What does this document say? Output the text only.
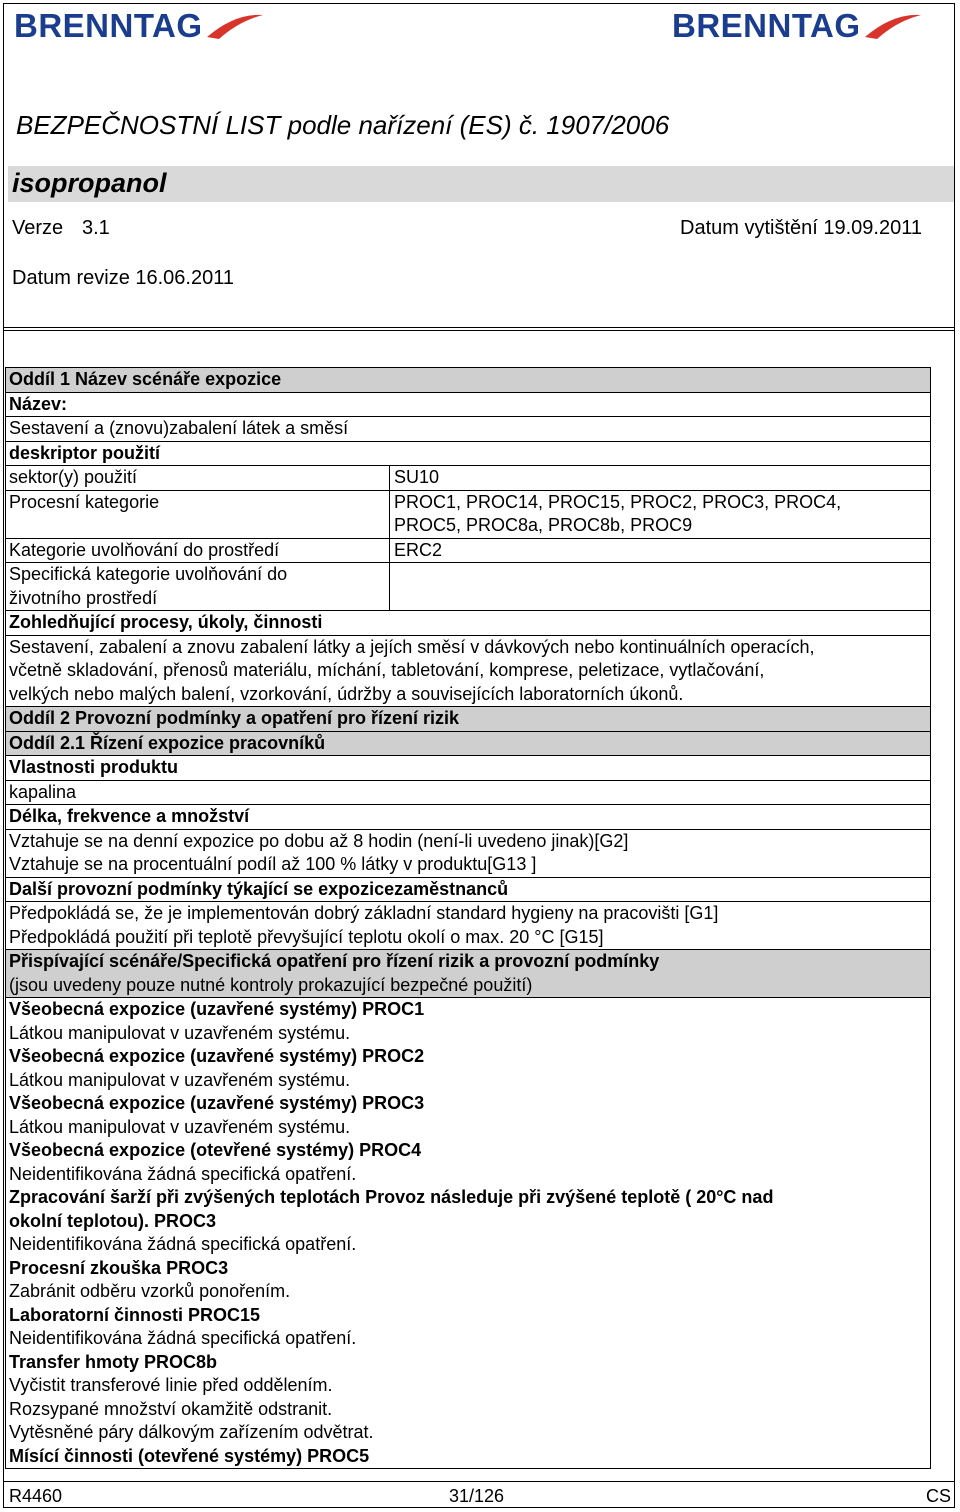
BRENNTAG	BRENNTAG
BEZPEČNOSTNÍ LIST podle nařízení (ES) č. 1907/2006
isopropanol
Verze 3.1	Datum vytištění 19.09.2011
Datum revize 16.06.2011
Oddíl 1 Název scénáře expozice
Název:
Sestavení a (znovu)zabalení látek a směsí
deskriptor použití
sektor(y) použití	SU10
Procesní kategorie	PROC1, PROC14, PROC15, PROC2, PROC3, PROC4,
PROC5, PROC8a, PROC8b, PROC9
Kategorie uvolňování do prostředí	ERC2
Specifická kategorie uvolňování do
životního prostředí
Zohledňující procesy, úkoly, činnosti
Sestavení, zabalení a znovu zabalení látky a jejích směsí v dávkových nebo kontinuálních operacích,
včetně skladování, přenosů materiálu, míchání, tabletování, komprese, peletizace, vytlačování,
velkých nebo malých balení, vzorkování, údržby a souvisejících laboratorních úkonů.
Oddíl 2 Provozní podmínky a opatření pro řízení rizik
Oddíl 2.1 Řízení expozice pracovníků
Vlastnosti produktu
kapalina
Délka, frekvence a množství
Vztahuje se na denní expozice po dobu až 8 hodin (není-li uvedeno jinak)[G2]
Vztahuje se na procentuální podíl až 100 % látky v produktu[G13 ]
Další provozní podmínky týkající se expozicezaměstnanců
Předpokládá se, že je implementován dobrý základní standard hygieny na pracovišti [G1]
Předpokládá použití při teplotě převyšující teplotu okolí o max. 20 °C [G15]
Přispívající scénáře/Specifická opatření pro řízení rizik a provozní podmínky
(jsou uvedeny pouze nutné kontroly prokazující bezpečné použití)
Všeobecná expozice (uzavřené systémy) PROC1
Látkou manipulovat v uzavřeném systému.
Všeobecná expozice (uzavřené systémy) PROC2
Látkou manipulovat v uzavřeném systému.
Všeobecná expozice (uzavřené systémy) PROC3
Látkou manipulovat v uzavřeném systému.
Všeobecná expozice (otevřené systémy) PROC4
Neidentifikována žádná specifická opatření.
Zpracování šarží při zvýšených teplotách Provoz následuje při zvýšené teplotě ( 20°C nad
okolní teplotou). PROC3
Neidentifikována žádná specifická opatření.
Procesní zkouška PROC3
Zabránit odběru vzorků ponořením.
Laboratorní činnosti PROC15
Neidentifikována žádná specifická opatření.
Transfer hmoty PROC8b
Vyčistit transferové linie před oddělením.
Rozsypané množství okamžitě odstranit.
Vytěsněné páry dálkovým zařízením odvětrat.
Mísící činnosti (otevřené systémy) PROC5
R4460	31/126	CS
